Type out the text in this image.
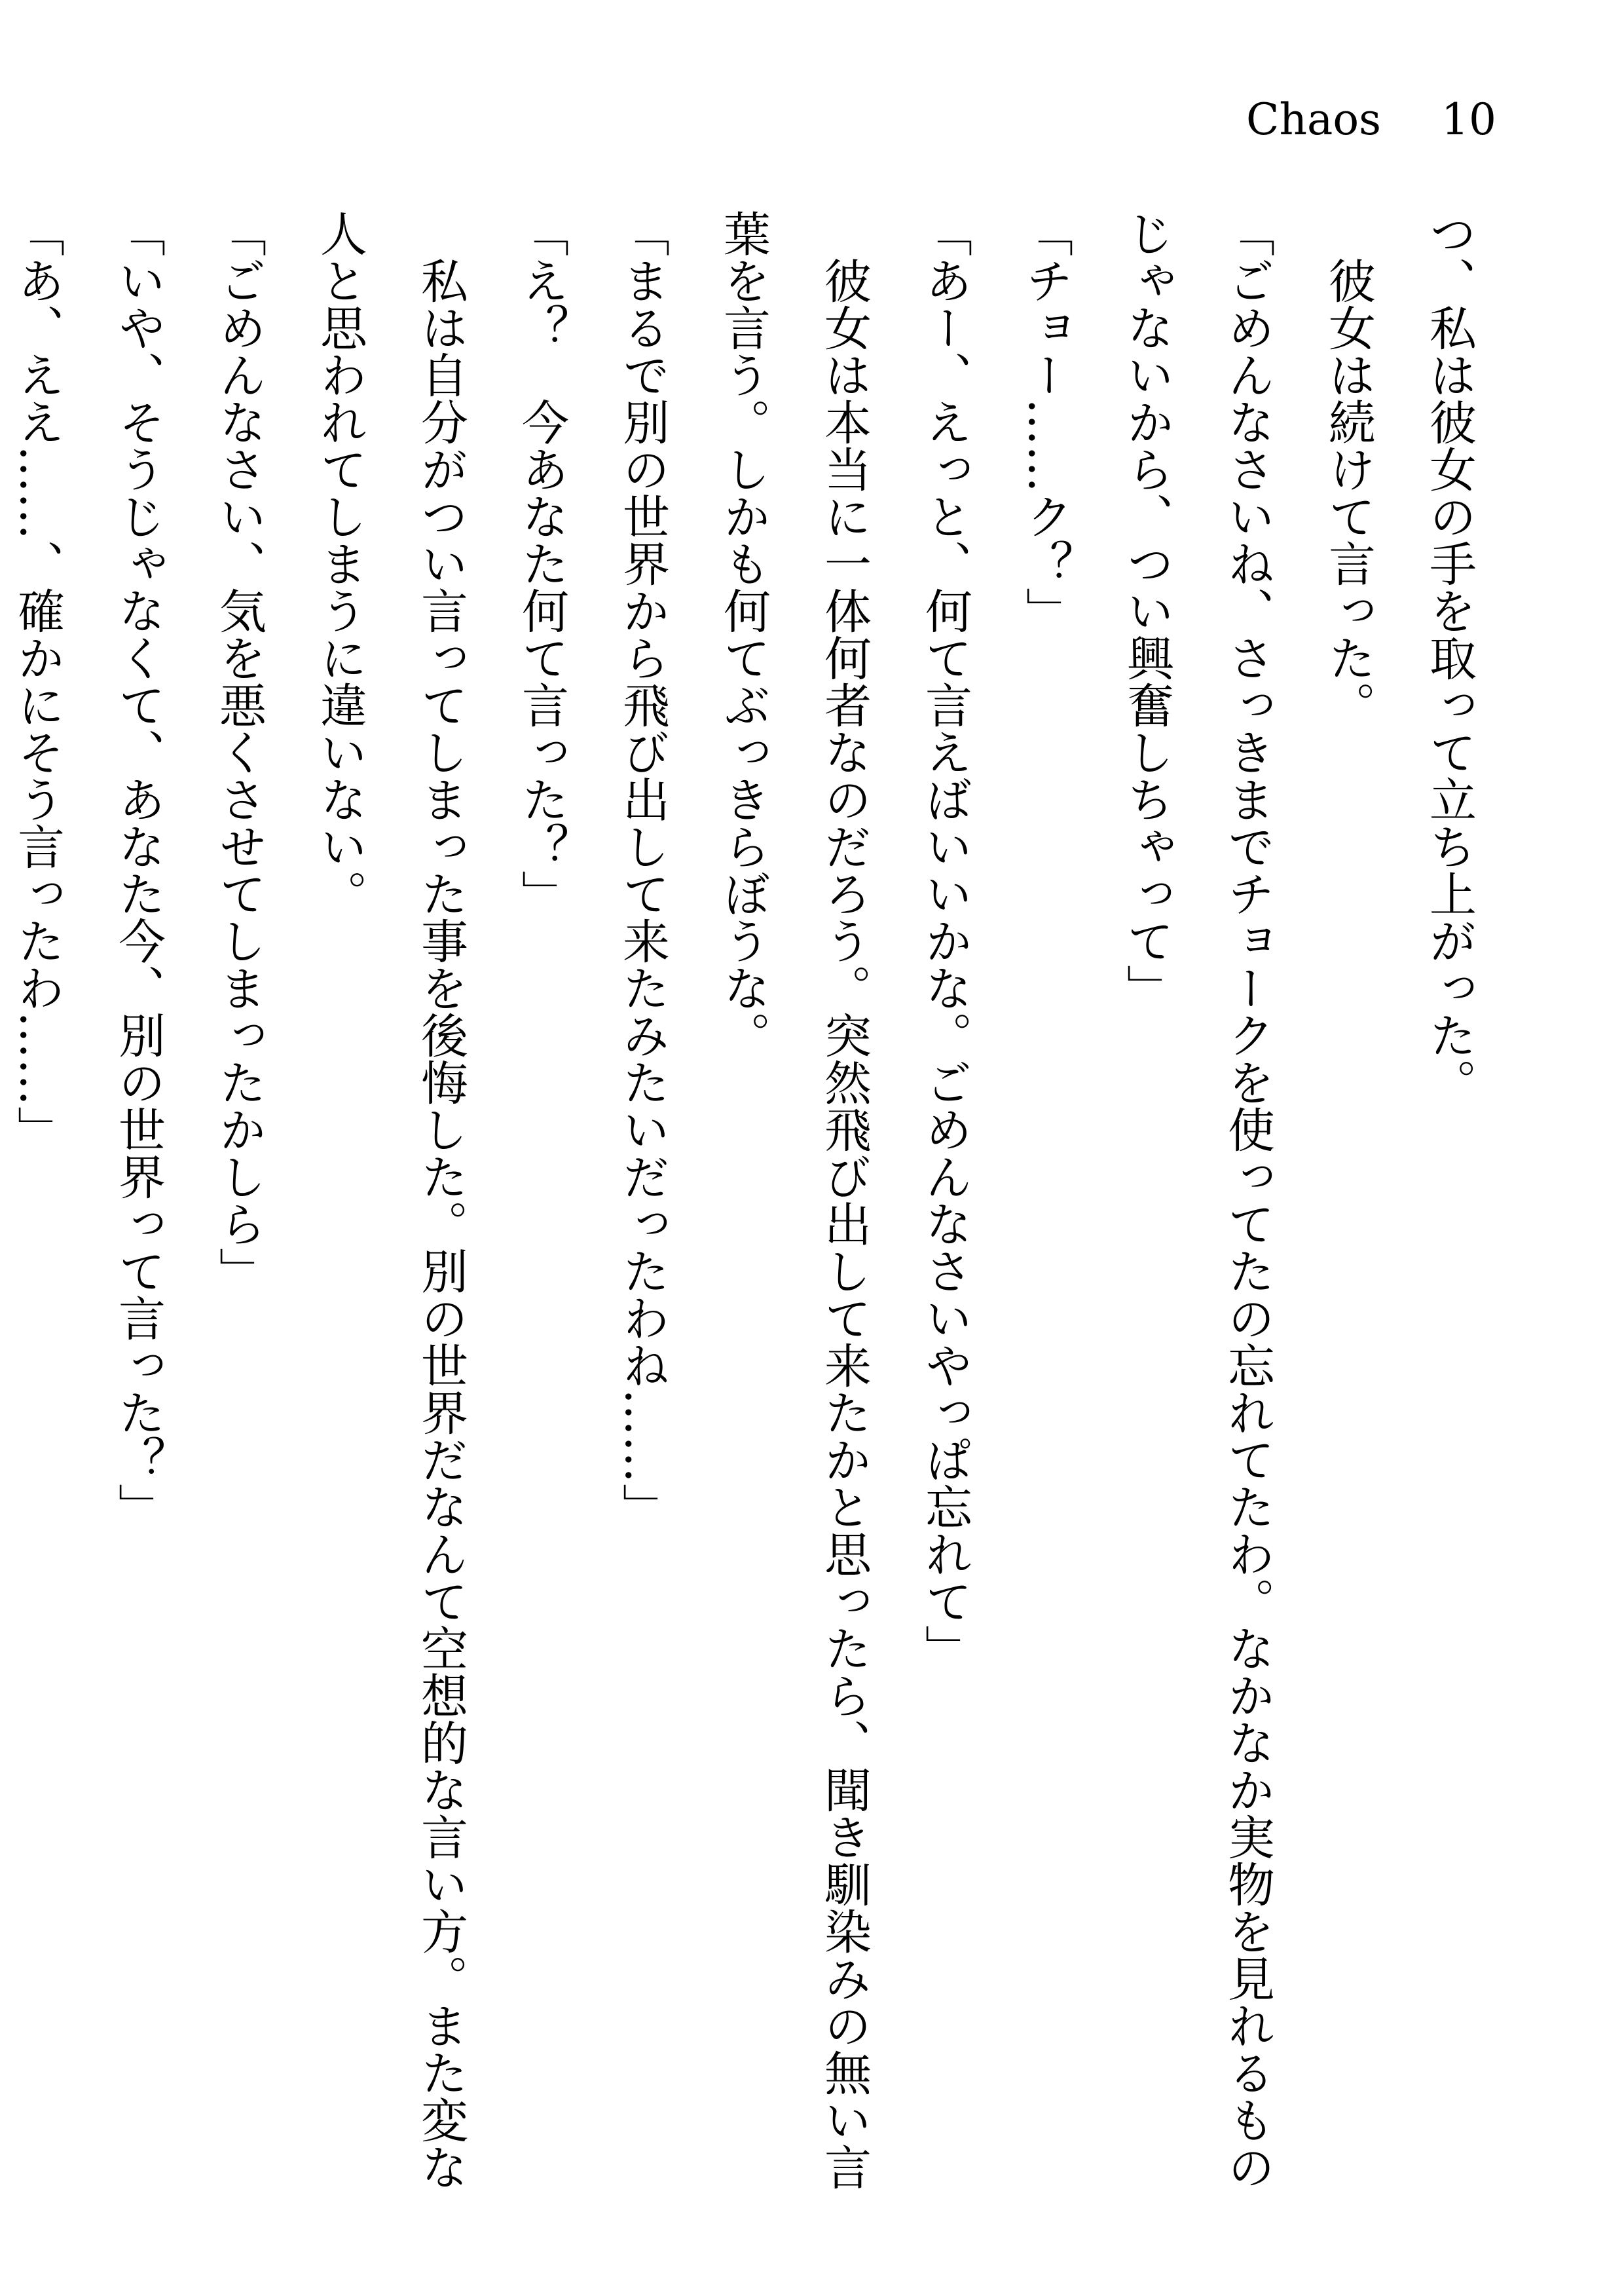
Chaos 10

つ、私は彼女の手を取って立ち上がった。

　彼女は続けて言った。

「ごめんなさいね、さっきまでチョークを使ってたの忘れてたわ。なかなか実物を見れるもの

じゃないから、つい興奮しちゃって」

「チョー……ク？」

「あー、えっと、何て言えばいいかな。ごめんなさいやっぱ忘れて」

　彼女は本当に一体何者なのだろう。突然飛び出して来たかと思ったら、聞き馴染みの無い言

葉を言う。しかも何てぶっきらぼうな。

「まるで別の世界から飛び出して来たみたいだったわね……」

「え？　今あなた何て言った？」

　私は自分がつい言ってしまった事を後悔した。別の世界だなんて空想的な言い方。また変な

人と思われてしまうに違いない。

「ごめんなさい、気を悪くさせてしまったかしら」

「いや、そうじゃなくて、あなた今、別の世界って言った？」

「あ、ええ……、確かにそう言ったわ……」
